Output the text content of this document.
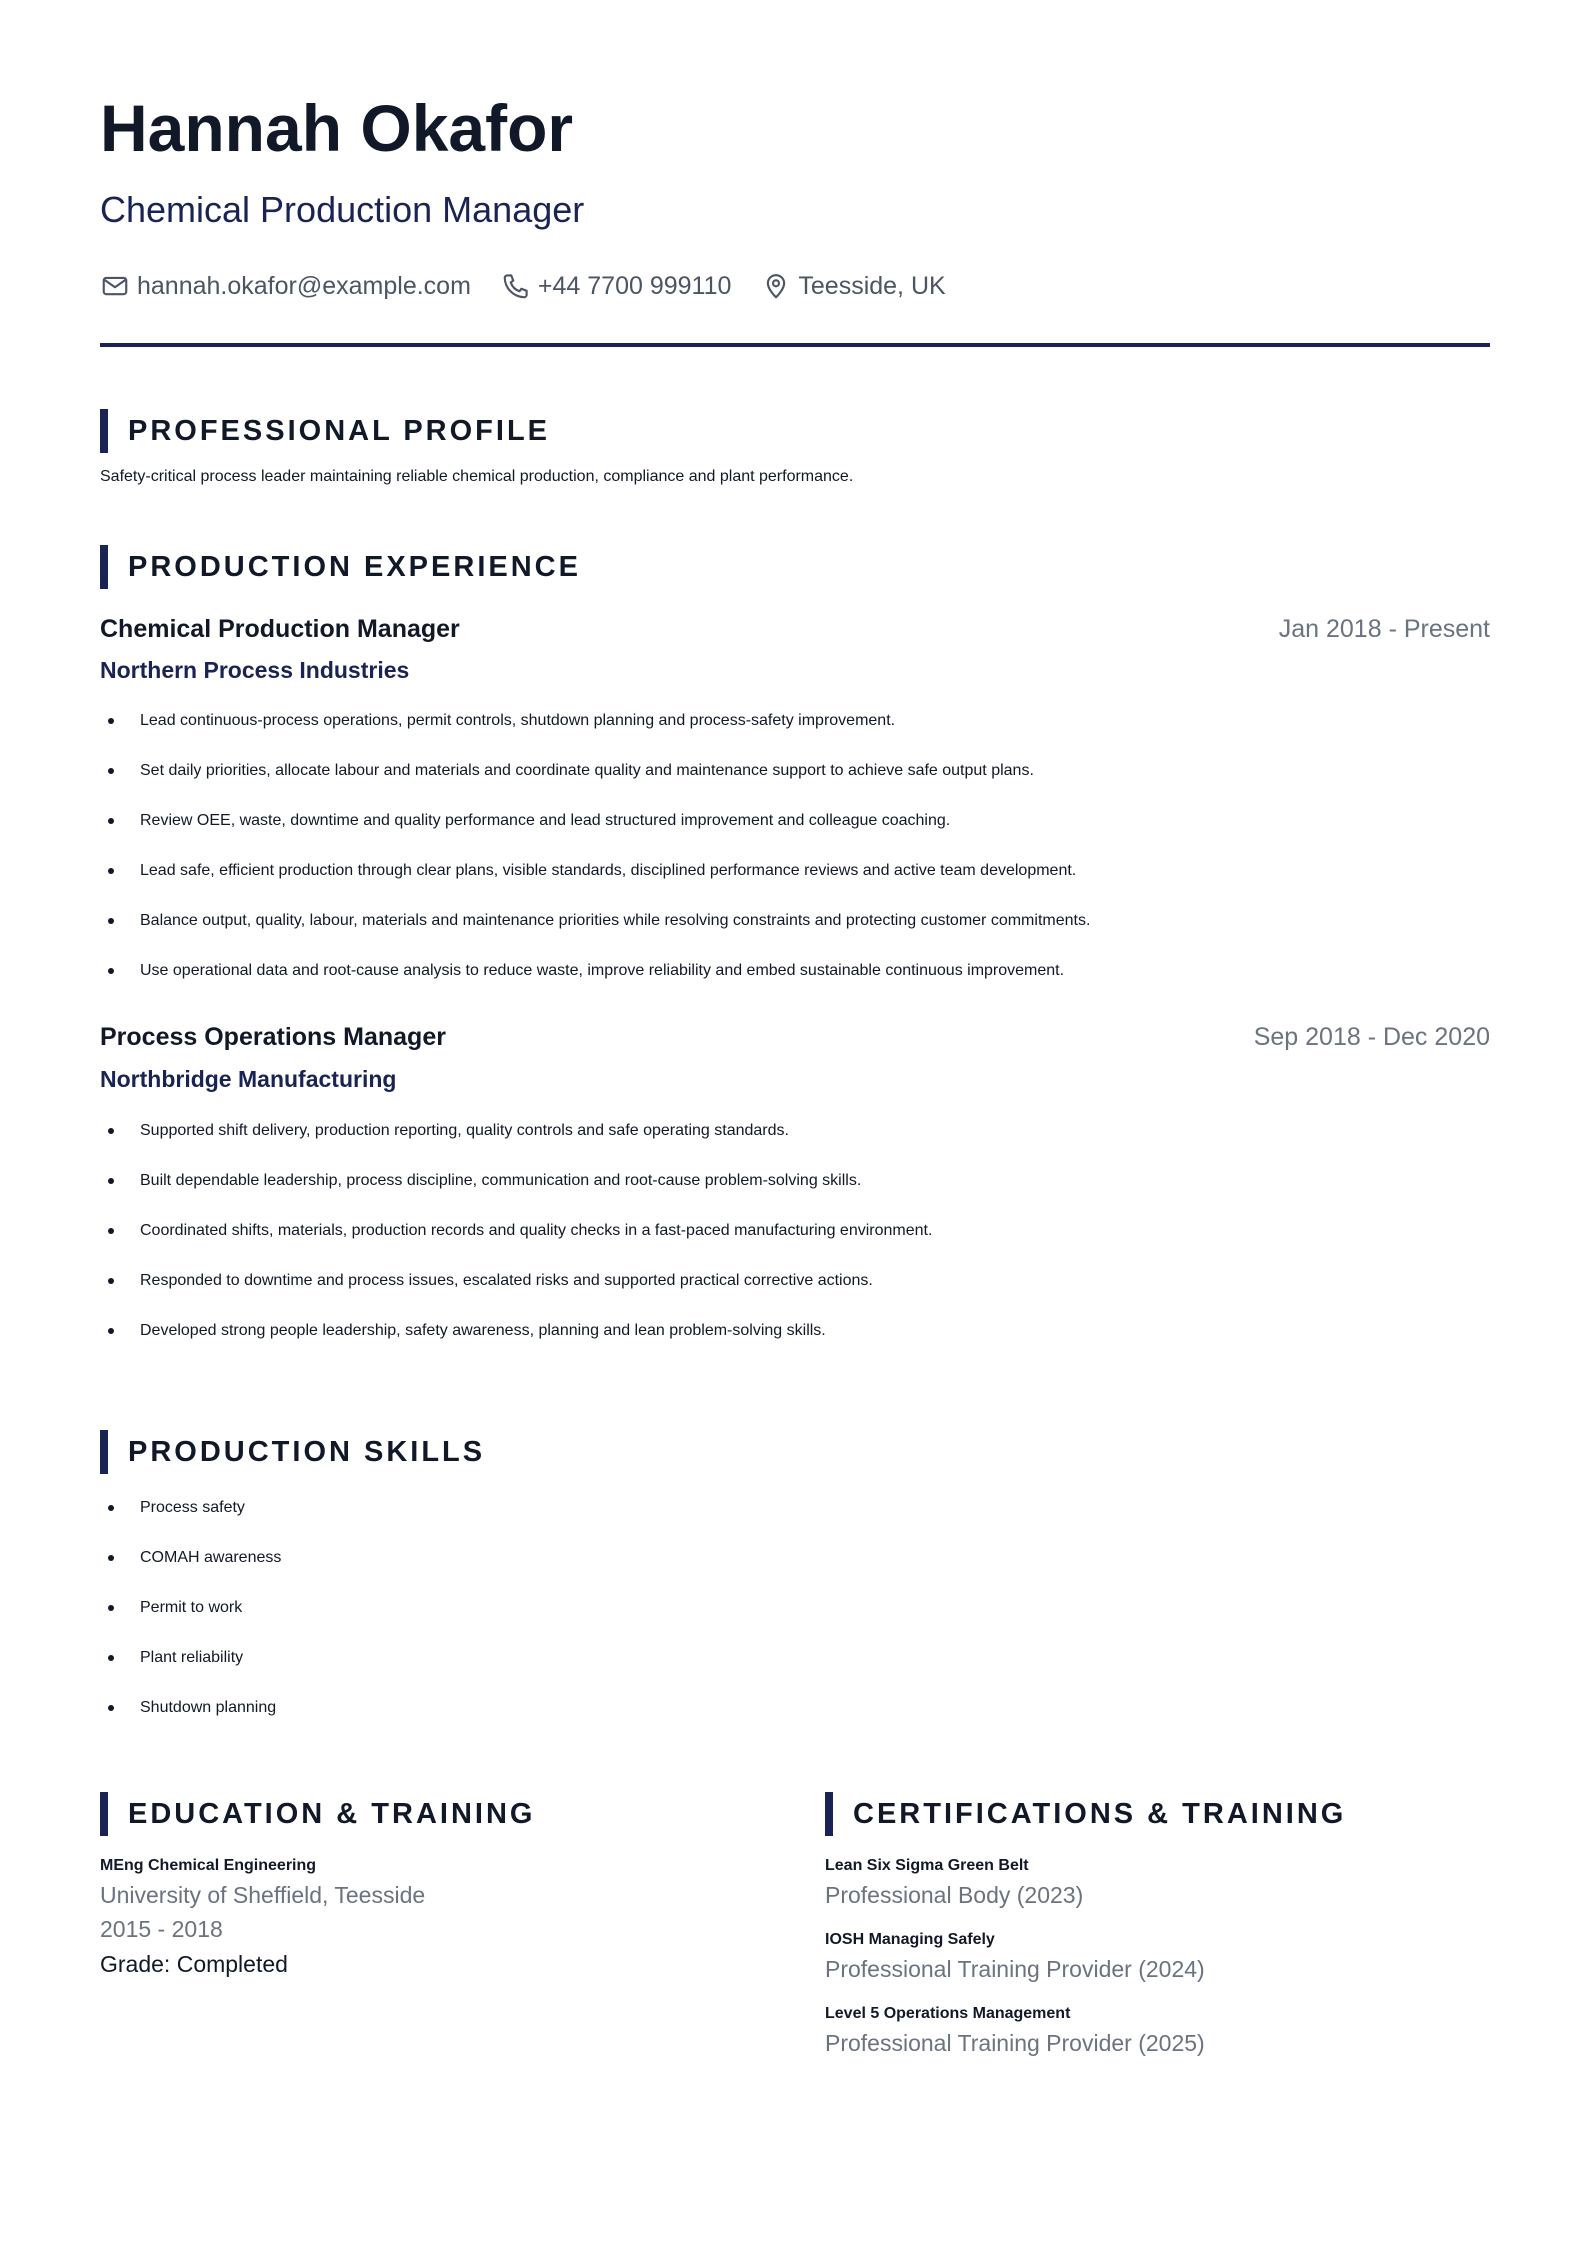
Hannah Okafor
Chemical Production Manager
hannah.okafor@example.com	+44 7700 999110	Teesside, UK
PROFESSIONAL PROFILE
Safety-critical process leader maintaining reliable chemical production, compliance and plant performance.
PRODUCTION EXPERIENCE
Chemical Production Manager	Jan 2018 - Present
Northern Process Industries
Lead continuous-process operations, permit controls, shutdown planning and process-safety improvement.
Set daily priorities, allocate labour and materials and coordinate quality and maintenance support to achieve safe output plans.
Review OEE, waste, downtime and quality performance and lead structured improvement and colleague coaching.
Lead safe, efficient production through clear plans, visible standards, disciplined performance reviews and active team development.
Balance output, quality, labour, materials and maintenance priorities while resolving constraints and protecting customer commitments.
Use operational data and root-cause analysis to reduce waste, improve reliability and embed sustainable continuous improvement.
Process Operations Manager	Sep 2018 - Dec 2020
Northbridge Manufacturing
Supported shift delivery, production reporting, quality controls and safe operating standards.
Built dependable leadership, process discipline, communication and root-cause problem-solving skills.
Coordinated shifts, materials, production records and quality checks in a fast-paced manufacturing environment.
Responded to downtime and process issues, escalated risks and supported practical corrective actions.
Developed strong people leadership, safety awareness, planning and lean problem-solving skills.
PRODUCTION SKILLS
Process safety
COMAH awareness
Permit to work
Plant reliability
Shutdown planning
EDUCATION & TRAINING
MEng Chemical Engineering
University of Sheffield, Teesside
2015 - 2018
Grade: Completed
CERTIFICATIONS & TRAINING
Lean Six Sigma Green Belt
Professional Body (2023)
IOSH Managing Safely
Professional Training Provider (2024)
Level 5 Operations Management
Professional Training Provider (2025)
